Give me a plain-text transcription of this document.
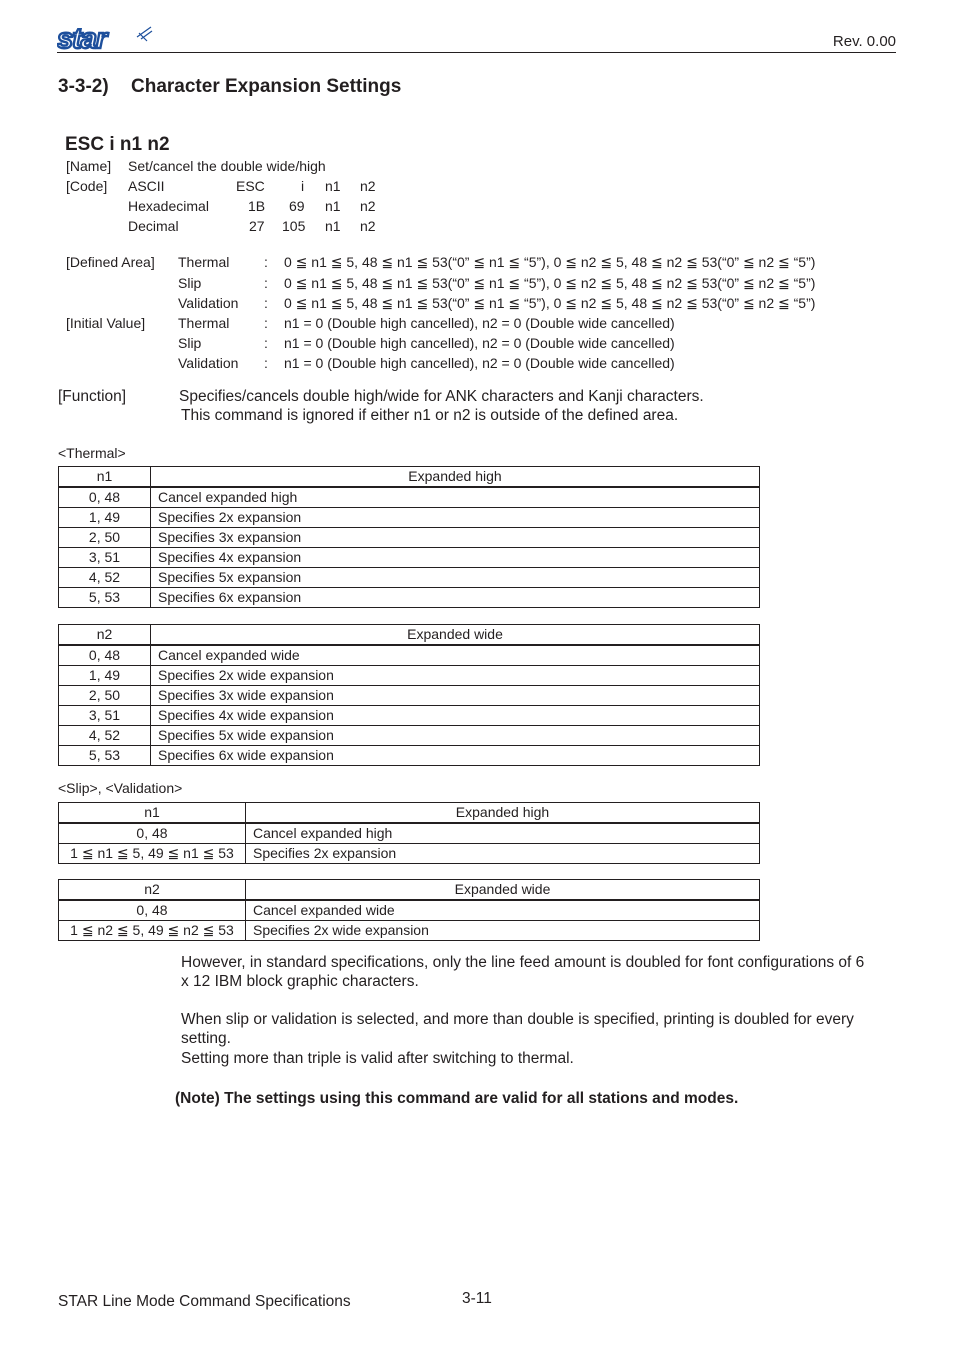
star	Rev. 0.00
3-3-2) Character Expansion Settings
ESC i n1 n2
[Name] Set/cancel the double wide/high
[Code] ASCII	ESC	i n1 n2
Hexadecimal	1B 69 n1 n2
Decimal	27 105 n1 n2
[Defined Area] Thermal : 0 ≦ n1 ≦ 5, 48 ≦ n1 ≦ 53(“0” ≦ n1 ≦ “5”), 0 ≦ n2 ≦ 5, 48 ≦ n2 ≦ 53(“0” ≦ n2 ≦ “5”)
Slip	: 0 ≦ n1 ≦ 5, 48 ≦ n1 ≦ 53(“0” ≦ n1 ≦ “5”), 0 ≦ n2 ≦ 5, 48 ≦ n2 ≦ 53(“0” ≦ n2 ≦ “5”)
Validation : 0 ≦ n1 ≦ 5, 48 ≦ n1 ≦ 53(“0” ≦ n1 ≦ “5”), 0 ≦ n2 ≦ 5, 48 ≦ n2 ≦ 53(“0” ≦ n2 ≦ “5”)
[Initial Value] Thermal : n1 = 0 (Double high cancelled), n2 = 0 (Double wide cancelled)
Slip	: n1 = 0 (Double high cancelled), n2 = 0 (Double wide cancelled)
Validation : n1 = 0 (Double high cancelled), n2 = 0 (Double wide cancelled)
[Function]	Specifies/cancels double high/wide for ANK characters and Kanji characters.
This command is ignored if either n1 or n2 is outside of the defined area.
<Thermal>
n1	Expanded high
0, 48	Cancel expanded high
1, 49	Specifies 2x expansion
2, 50	Specifies 3x expansion
3, 51	Specifies 4x expansion
4, 52	Specifies 5x expansion
5, 53	Specifies 6x expansion
n2	Expanded wide
0, 48	Cancel expanded wide
1, 49	Specifies 2x wide expansion
2, 50	Specifies 3x wide expansion
3, 51	Specifies 4x wide expansion
4, 52	Specifies 5x wide expansion
5, 53	Specifies 6x wide expansion
<Slip>, <Validation>
n1	Expanded high
0, 48	Cancel expanded high
1 ≦ n1 ≦ 5, 49 ≦ n1 ≦ 53	Specifies 2x expansion
n2	Expanded wide
0, 48	Cancel expanded wide
1 ≦ n2 ≦ 5, 49 ≦ n2 ≦ 53	Specifies 2x wide expansion
However, in standard specifications, only the line feed amount is doubled for font configurations of 6
x 12 IBM block graphic characters.
When slip or validation is selected, and more than double is specified, printing is doubled for every
setting.
Setting more than triple is valid after switching to thermal.
(Note) The settings using this command are valid for all stations and modes.
STAR Line Mode Command Specifications	3-11
